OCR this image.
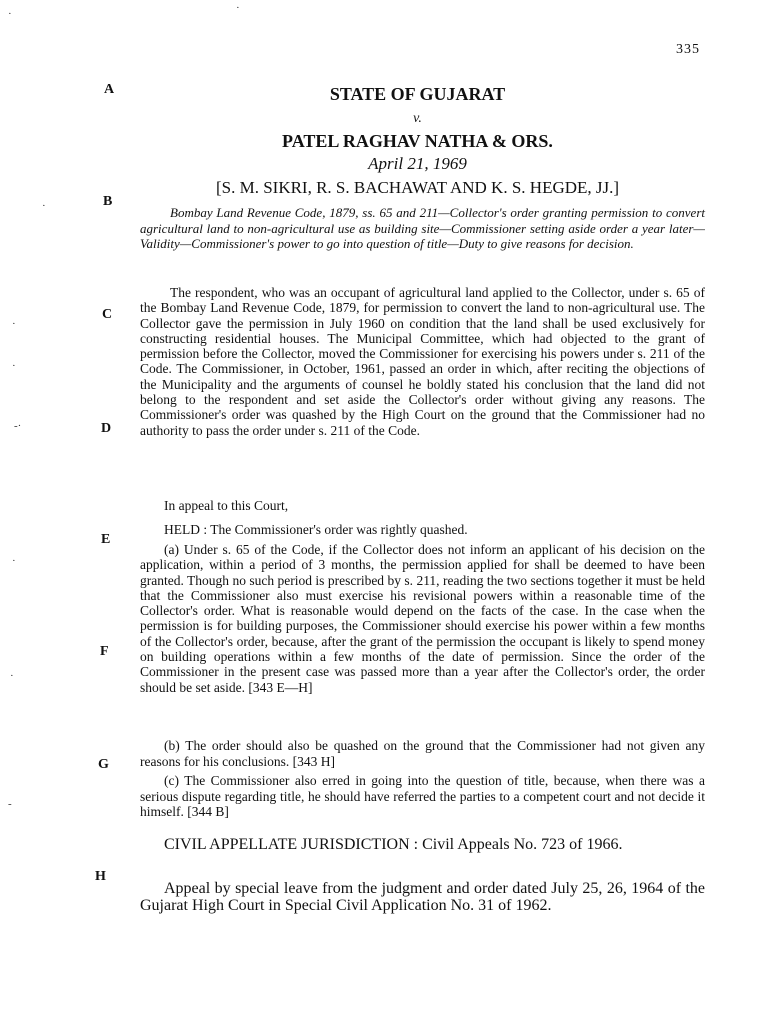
335
A
B
C
D
E
F
G
H
·	·
·
·
·
-·
·
·
-
STATE OF GUJARAT
v.
PATEL RAGHAV NATHA & ORS.
April 21, 1969
[S. M. SIKRI, R. S. BACHAWAT AND K. S. HEGDE, JJ.]
Bombay Land Revenue Code, 1879, ss. 65 and 211—Collector's order granting permission to convert agricultural land to non-agricultural use as building site—Commissioner setting aside order a year later—Validity—Commissioner's power to go into question of title—Duty to give reasons for decision.
The respondent, who was an occupant of agricultural land applied to the Collector, under s. 65 of the Bombay Land Revenue Code, 1879, for permission to convert the land to non-agricultural use. The Collector gave the permission in July 1960 on condition that the land shall be used exclusively for constructing residential houses. The Municipal Committee, which had objected to the grant of permission before the Collector, moved the Commissioner for exercising his powers under s. 211 of the Code. The Commissioner, in October, 1961, passed an order in which, after reciting the objections of the Municipality and the arguments of counsel he boldly stated his conclusion that the land did not belong to the respondent and set aside the Collector's order without giving any reasons. The Commissioner's order was quashed by the High Court on the ground that the Commissioner had no authority to pass the order under s. 211 of the Code.
In appeal to this Court,
HELD : The Commissioner's order was rightly quashed.
(a) Under s. 65 of the Code, if the Collector does not inform an applicant of his decision on the application, within a period of 3 months, the permission applied for shall be deemed to have been granted. Though no such period is prescribed by s. 211, reading the two sections together it must be held that the Commissioner also must exercise his revisional powers within a reasonable time of the Collector's order. What is reasonable would depend on the facts of the case. In the case when the permission is for building purposes, the Commissioner should exercise his power within a few months of the Collector's order, because, after the grant of the permission the occupant is likely to spend money on building operations within a few months of the date of permission. Since the order of the Commissioner in the present case was passed more than a year after the Collector's order, the order should be set aside. [343 E—H]
(b) The order should also be quashed on the ground that the Commissioner had not given any reasons for his conclusions. [343 H]
(c) The Commissioner also erred in going into the question of title, because, when there was a serious dispute regarding title, he should have referred the parties to a competent court and not decide it himself. [344 B]
CIVIL APPELLATE JURISDICTION : Civil Appeals No. 723 of 1966.
Appeal by special leave from the judgment and order dated July 25, 26, 1964 of the Gujarat High Court in Special Civil Application No. 31 of 1962.
